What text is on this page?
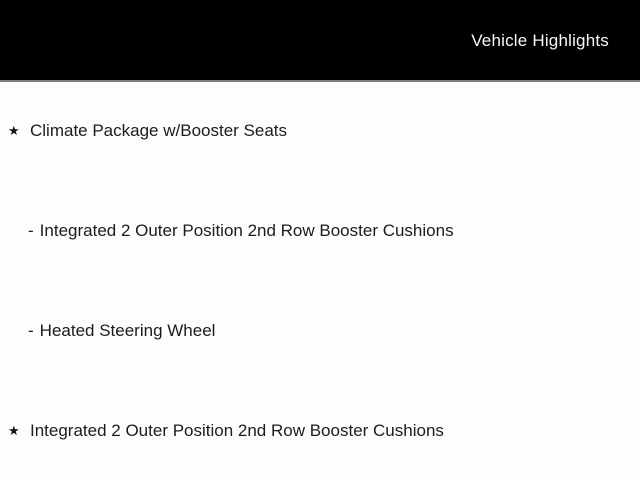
Vehicle Highlights
★ Climate Package w/Booster Seats
- Integrated 2 Outer Position 2nd Row Booster Cushions
- Heated Steering Wheel
★ Integrated 2 Outer Position 2nd Row Booster Cushions
